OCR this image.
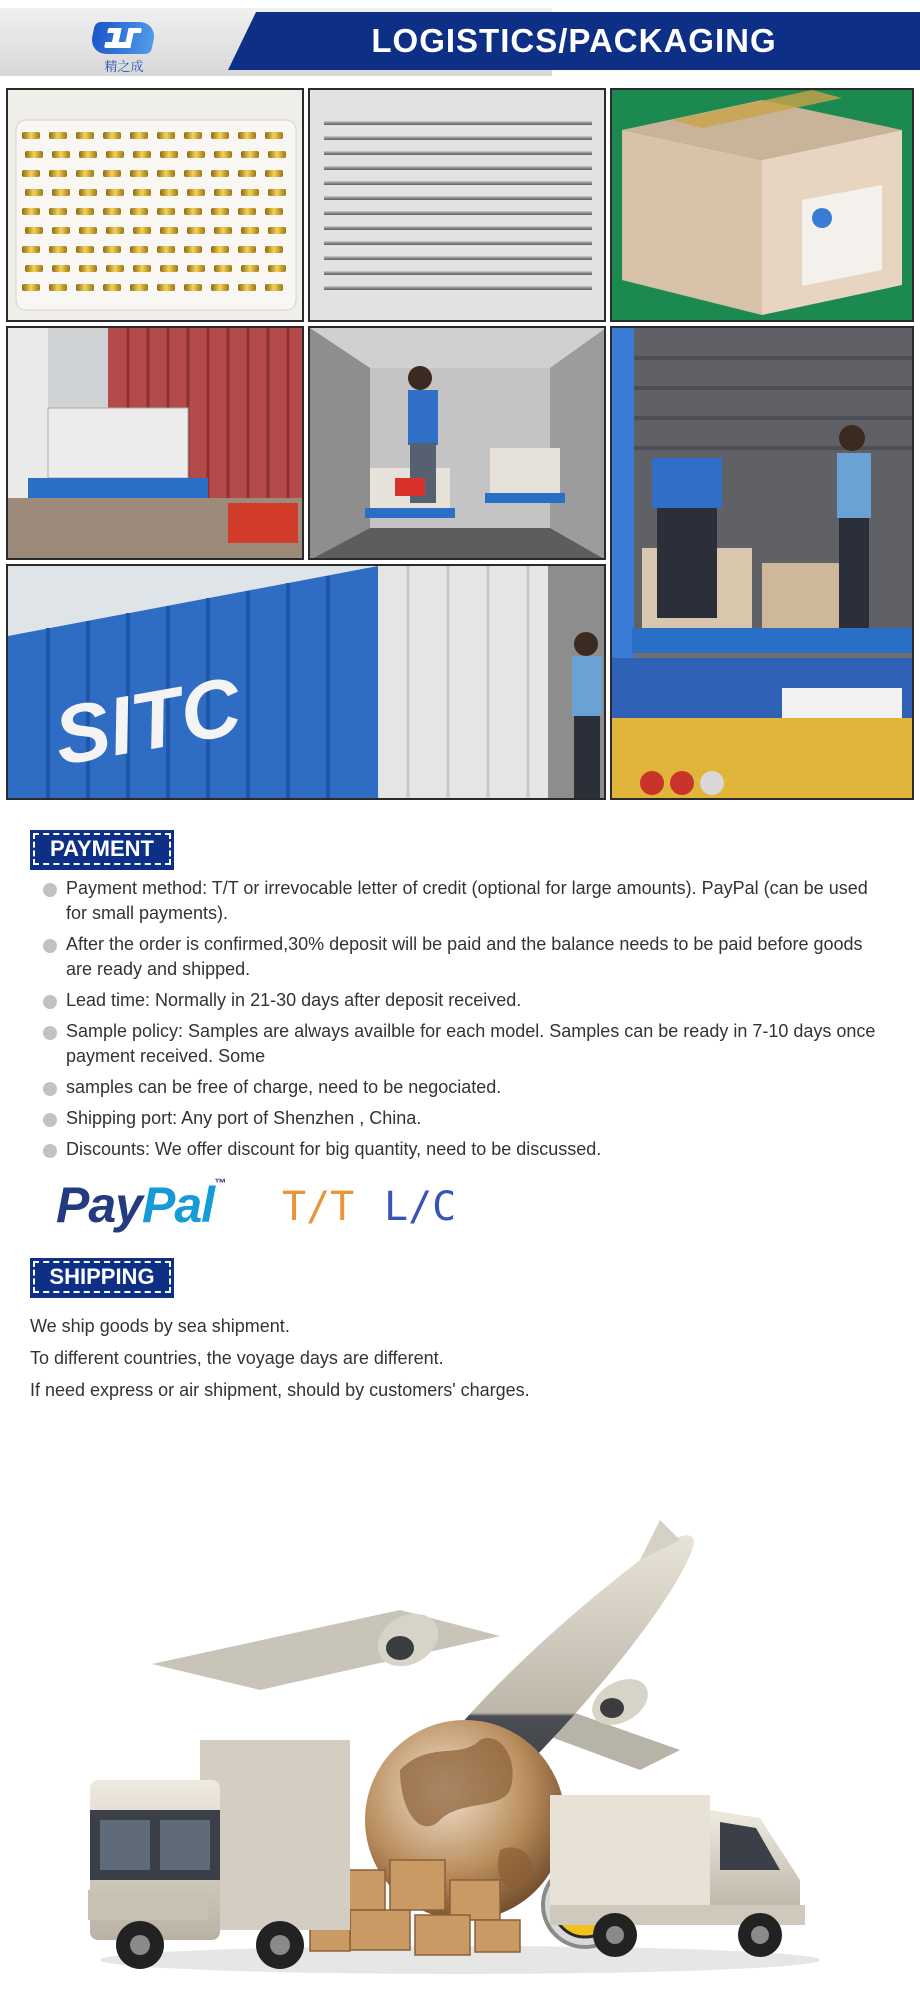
LOGISTICS/PACKAGING
精之成
SITC
PAYMENT
Payment method: T/T or irrevocable letter of credit (optional for large amounts). PayPal (can be used for small payments).
After the order is confirmed,30% deposit will be paid and the balance needs to be paid before goods are ready and shipped.
Lead time: Normally in 21-30 days after deposit received.
Sample policy: Samples are always availble for each model. Samples can be ready in 7-10 days once payment received. Some
samples can be free of charge, need to be negociated.
Shipping port: Any port of Shenzhen , China.
Discounts: We offer discount for big quantity, need to be discussed.
PayPal™
T/T L/C
SHIPPING
We ship goods by sea shipment.
To different countries, the voyage days are different.
If need express or air shipment, should by customers' charges.
